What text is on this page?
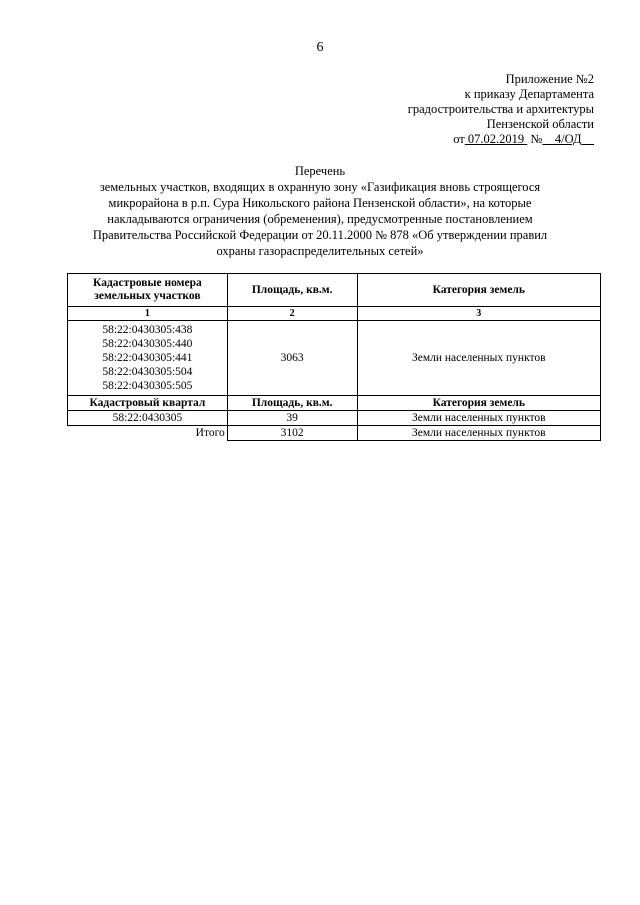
6
Приложение №2
к приказу Департамента
градостроительства и архитектуры
Пензенской области
от 07.02.2019 № 4/ОД
Перечень
земельных участков, входящих в охранную зону «Газификация вновь строящегося
микрорайона в р.п. Сура Никольского района Пензенской области», на которые
накладываются ограничения (обременения), предусмотренные постановлением
Правительства Российской Федерации от 20.11.2000 № 878 «Об утверждении правил
охраны газораспределительных сетей»
Кадастровые номера земельных участков	Площадь, кв.м.	Категория земель
1	2	3

58:22:0430305:438
58:22:0430305:440
58:22:0430305:441
58:22:0430305:504
58:22:0430305:505	3063	Земли населенных пунктов
Кадастровый квартал	Площадь, кв.м.	Категория земель
58:22:0430305	39	Земли населенных пунктов
Итого	3102	Земли населенных пунктов
